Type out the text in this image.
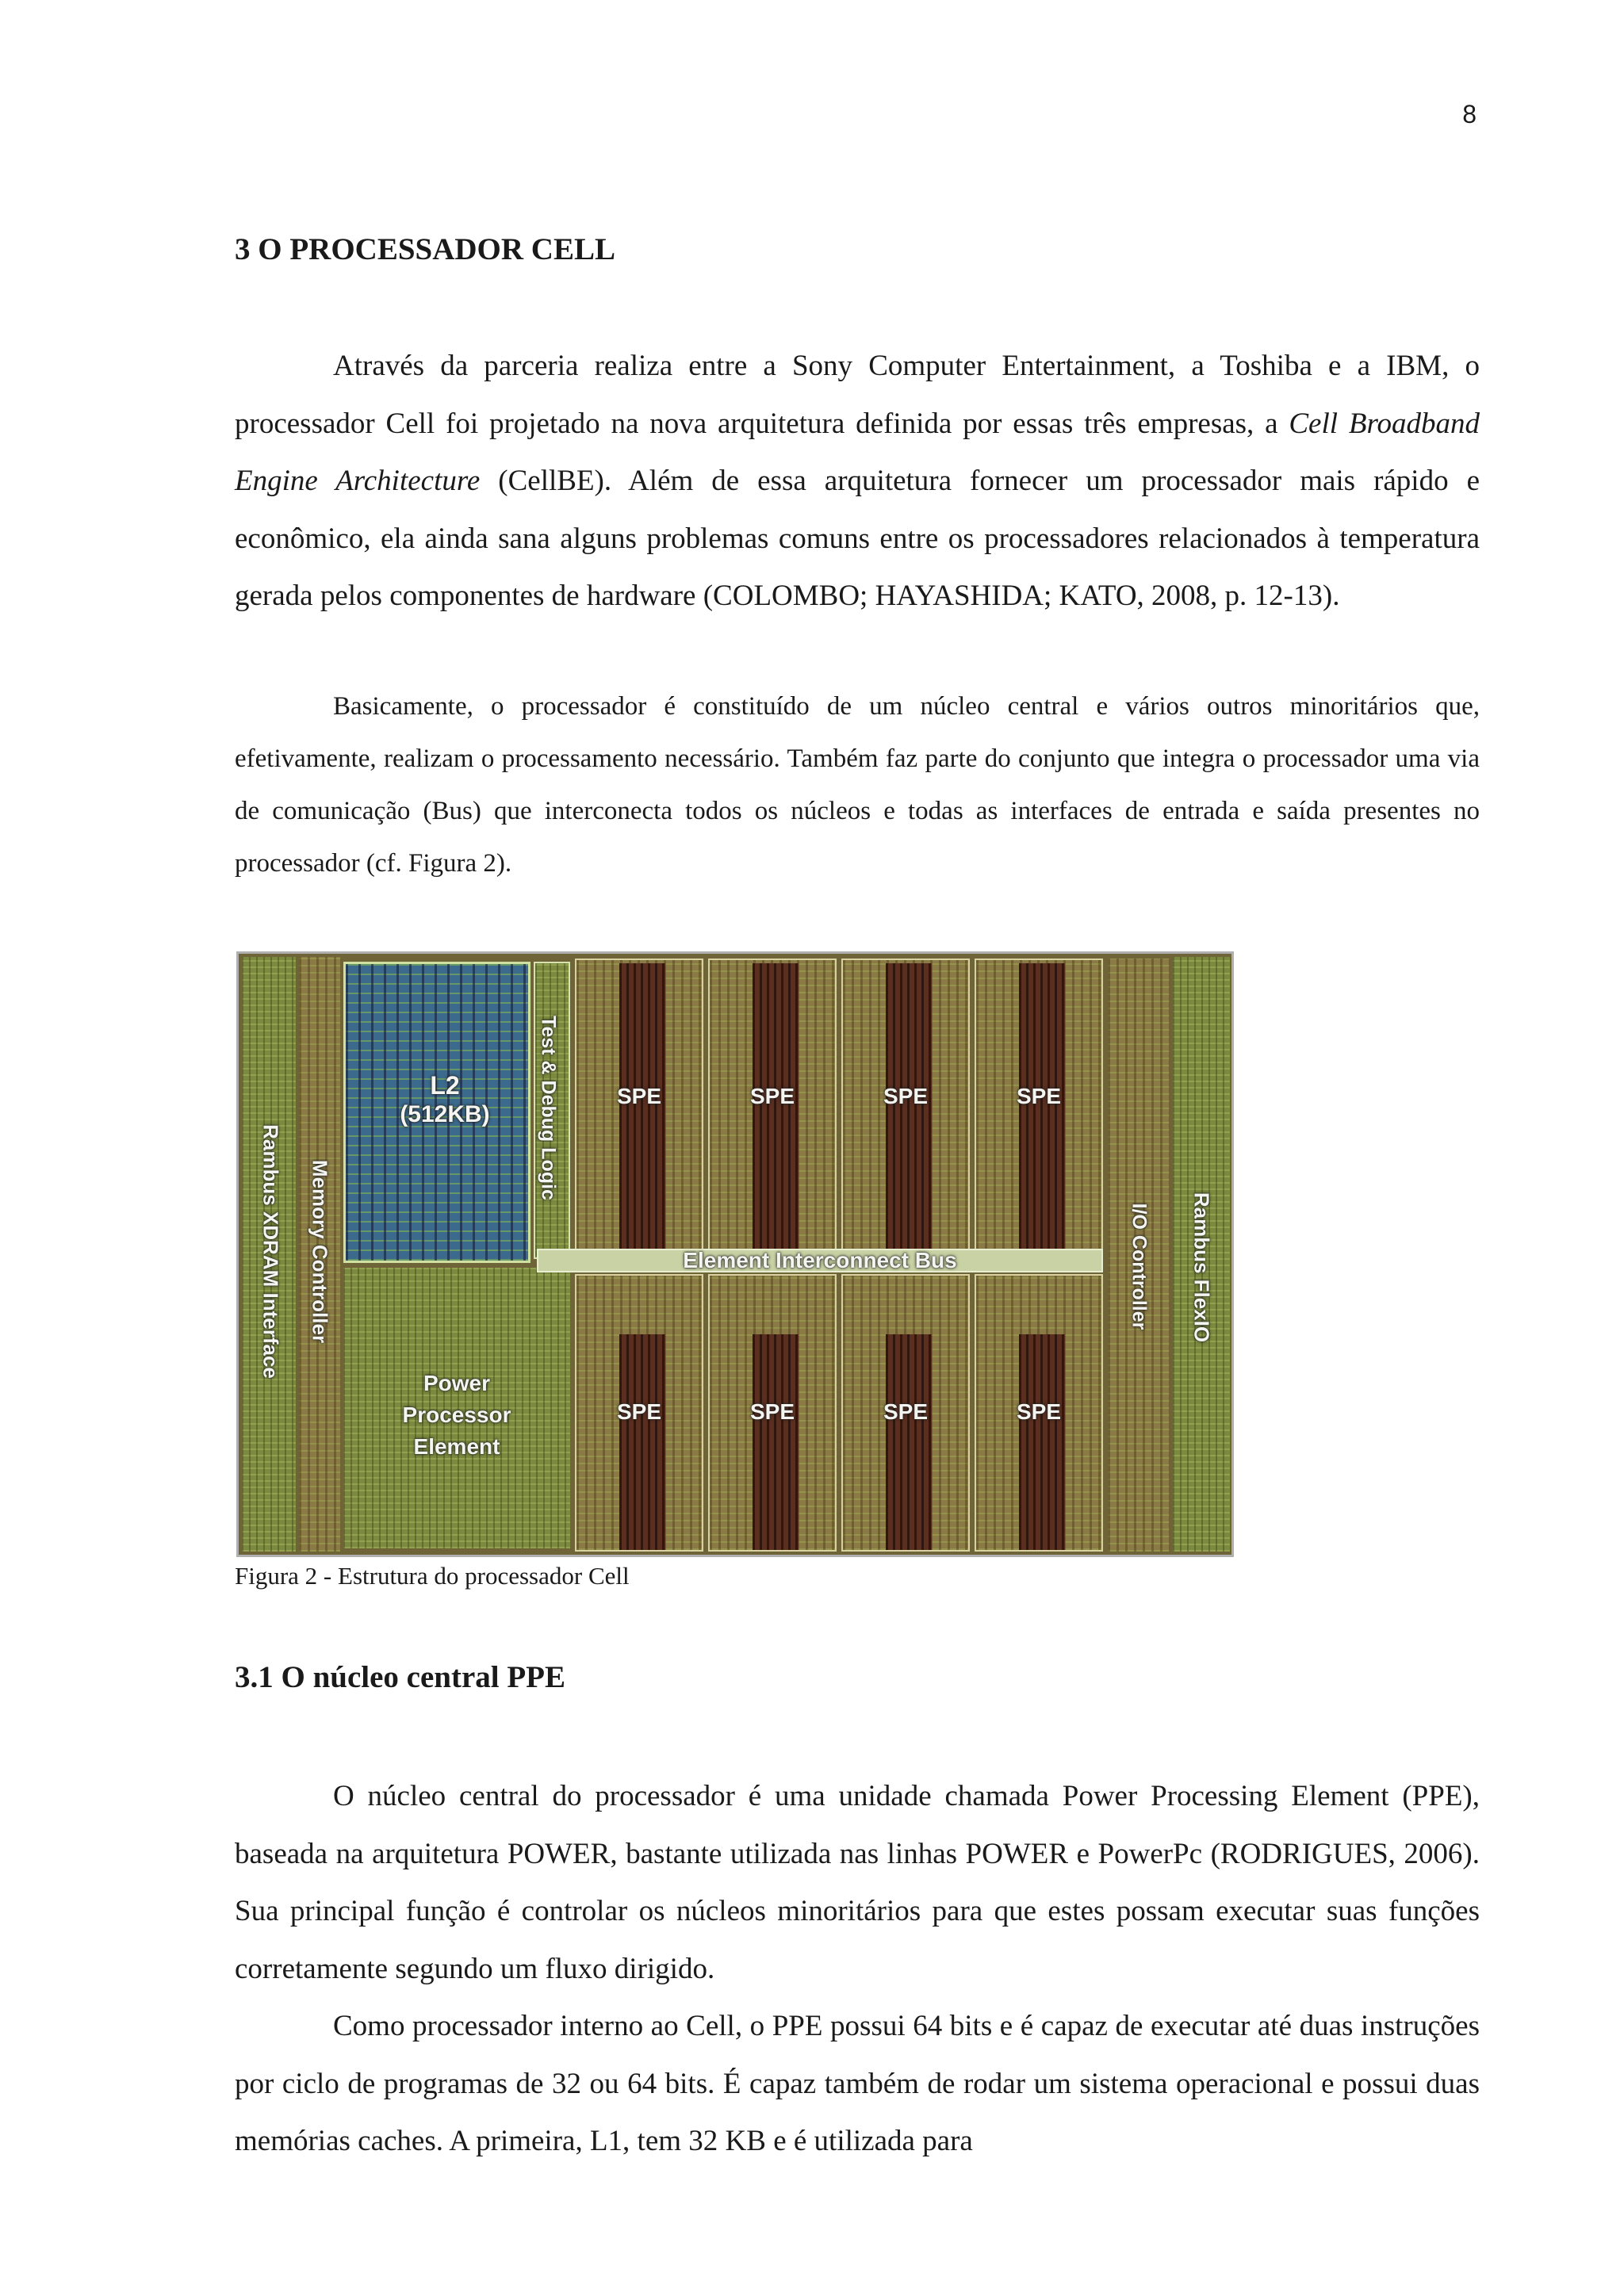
8
3 O PROCESSADOR CELL

Através da parceria realiza entre a Sony Computer Entertainment, a Toshiba e a IBM, o processador Cell foi projetado na nova arquitetura definida por essas três empresas, a Cell Broadband Engine Architecture (CellBE). Além de essa arquitetura fornecer um processador mais rápido e econômico, ela ainda sana alguns problemas comuns entre os processadores relacionados à temperatura gerada pelos componentes de hardware (COLOMBO; HAYASHIDA; KATO, 2008, p. 12-13).

Basicamente, o processador é constituído de um núcleo central e vários outros minoritários que, efetivamente, realizam o processamento necessário. Também faz parte do conjunto que integra o processador uma via de comunicação (Bus) que interconecta todos os núcleos e todas as interfaces de entrada e saída presentes no processador (cf. Figura 2).

Rambus XDRAM Interface Memory Controller
L2
(512KB)	Test & Debug Logic	SPE	SPE	SPE	SPE
Element Interconnect Bus
SPE	SPE	SPE	SPE
Power
Processor
Element
I/O Controller Rambus FlexIO
Figura 2 - Estrutura do processador Cell
3.1 O núcleo central PPE

O núcleo central do processador é uma unidade chamada Power Processing Element (PPE), baseada na arquitetura POWER, bastante utilizada nas linhas POWER e PowerPc (RODRIGUES, 2006). Sua principal função é controlar os núcleos minoritários para que estes possam executar suas funções corretamente segundo um fluxo dirigido.

Como processador interno ao Cell, o PPE possui 64 bits e é capaz de executar até duas instruções por ciclo de programas de 32 ou 64 bits. É capaz também de rodar um sistema operacional e possui duas memórias caches. A primeira, L1, tem 32 KB e é utilizada para
